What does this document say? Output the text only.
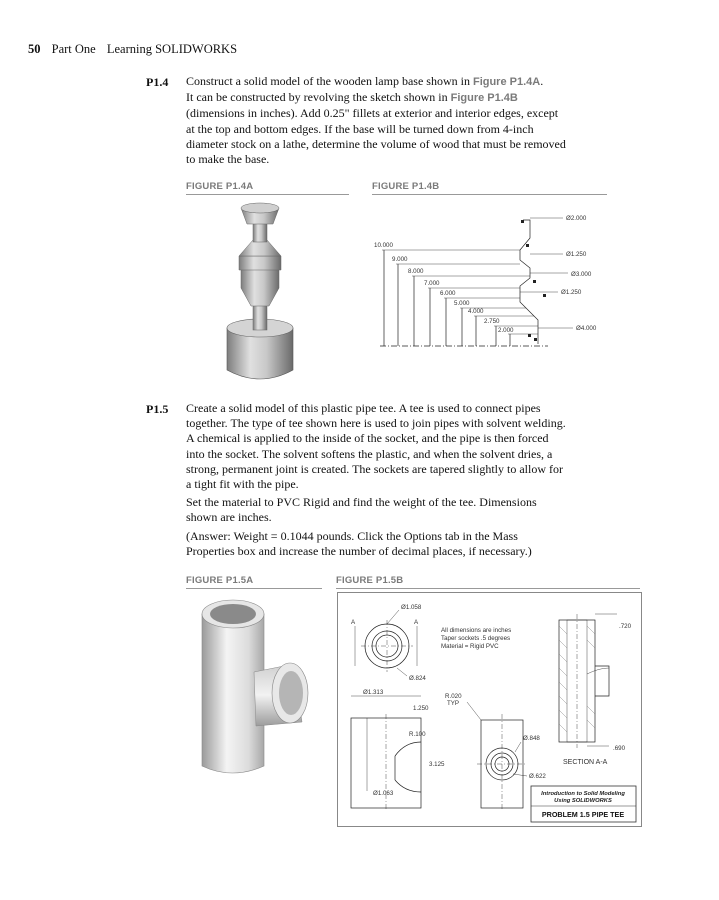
50 Part One Learning SOLIDWORKS
P1.4 Construct a solid model of the wooden lamp base shown in Figure P1.4A.
It can be constructed by revolving the sketch shown in Figure P1.4B
(dimensions in inches). Add 0.25" fillets at exterior and interior edges, except
at the top and bottom edges. If the base will be turned down from 4-inch
diameter stock on a lathe, determine the volume of wood that must be removed
to make the base.
FIGURE P1.4A	FIGURE P1.4B
10.000
9.000
8.000
7.000
6.000
5.000
4.000
2.750
2.000
Ø2.000
Ø1.250
Ø3.000
Ø1.250
Ø4.000
P1.5 Create a solid model of this plastic pipe tee. A tee is used to connect pipes
together. The type of tee shown here is used to join pipes with solvent welding.
A chemical is applied to the inside of the socket, and the pipe is then forced
into the socket. The solvent softens the plastic, and when the solvent dries, a
strong, permanent joint is created. The sockets are tapered slightly to allow for
a tight fit with the pipe.
Set the material to PVC Rigid and find the weight of the tee. Dimensions
shown are inches.
(Answer: Weight = 0.1044 pounds. Click the Options tab in the Mass
Properties box and increase the number of decimal places, if necessary.)
FIGURE P1.5A	FIGURE P1.5B
Ø1.058
A	A
All dimensions are inches
Taper sockets .5 degrees
Material = Rigid PVC
.720
Ø.824
Ø1.313
1.250
R.020
TYP
R.100
Ø.848
.690
SECTION A-A
3.125
Ø.622
Ø1.063	Introduction to Solid Modeling
Using SOLIDWORKS
PROBLEM 1.5 PIPE TEE
